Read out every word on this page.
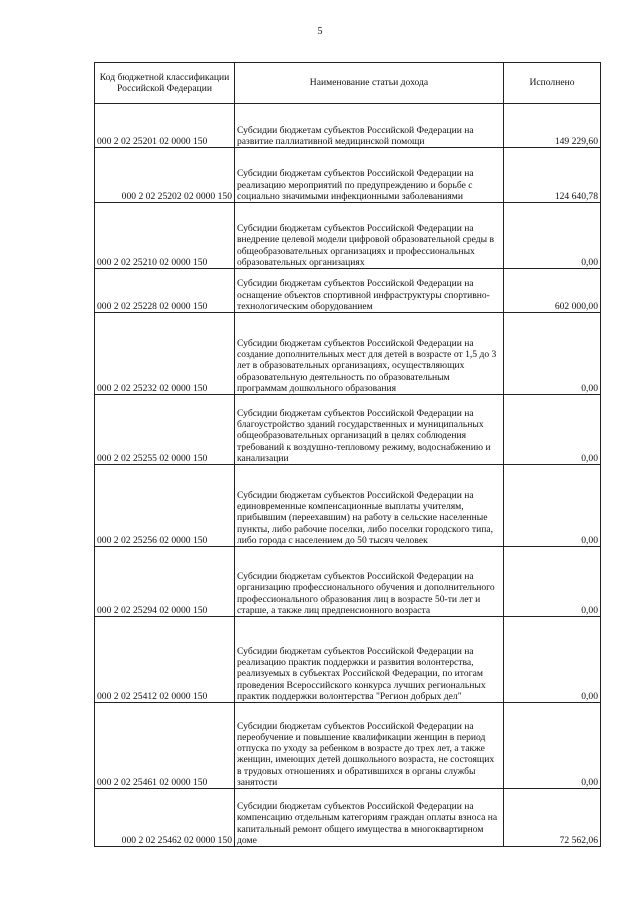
5
Код бюджетной классификации Российской Федерации	Наименование статьи дохода	Исполнено
000 2 02 25201 02 0000 150	Субсидии бюджетам субъектов Российской Федерации на развитие паллиативной медицинской помощи	149 229,60
000 2 02 25202 02 0000 150	Субсидии бюджетам субъектов Российской Федерации на реализацию мероприятий по предупреждению и борьбе с социально значимыми инфекционными заболеваниями	124 640,78
000 2 02 25210 02 0000 150	Субсидии бюджетам субъектов Российской Федерации на внедрение целевой модели цифровой образовательной среды в общеобразовательных организациях и профессиональных образовательных организациях	0,00
000 2 02 25228 02 0000 150	Субсидии бюджетам субъектов Российской Федерации на оснащение объектов спортивной инфраструктуры спортивно-технологическим оборудованием	602 000,00
000 2 02 25232 02 0000 150	Субсидии бюджетам субъектов Российской Федерации на создание дополнительных мест для детей в возрасте от 1,5 до 3 лет в образовательных организациях, осуществляющих образовательную деятельность по образовательным программам дошкольного образования	0,00
000 2 02 25255 02 0000 150	Субсидии бюджетам субъектов Российской Федерации на благоустройство зданий государственных и муниципальных общеобразовательных организаций в целях соблюдения требований к воздушно-тепловому режиму, водоснабжению и канализации	0,00
000 2 02 25256 02 0000 150	Субсидии бюджетам субъектов Российской Федерации на единовременные компенсационные выплаты учителям, прибывшим (переехавшим) на работу в сельские населенные пункты, либо рабочие поселки, либо поселки городского типа, либо города с населением до 50 тысяч человек	0,00
000 2 02 25294 02 0000 150	Субсидии бюджетам субъектов Российской Федерации на организацию профессионального обучения и дополнительного профессионального образования лиц в возрасте 50-ти лет и старше, а также лиц предпенсионного возраста	0,00
000 2 02 25412 02 0000 150	Субсидии бюджетам субъектов Российской Федерации на реализацию практик поддержки и развития волонтерства, реализуемых в субъектах Российской Федерации, по итогам проведения Всероссийского конкурса лучших региональных практик поддержки волонтерства "Регион добрых дел"	0,00
000 2 02 25461 02 0000 150	Субсидии бюджетам субъектов Российской Федерации на переобучение и повышение квалификации женщин в период отпуска по уходу за ребенком в возрасте до трех лет, а также женщин, имеющих детей дошкольного возраста, не состоящих в трудовых отношениях и обратившихся в органы службы занятости	0,00
000 2 02 25462 02 0000 150	Субсидии бюджетам субъектов Российской Федерации на компенсацию отдельным категориям граждан оплаты взноса на капитальный ремонт общего имущества в многоквартирном доме	72 562,06
